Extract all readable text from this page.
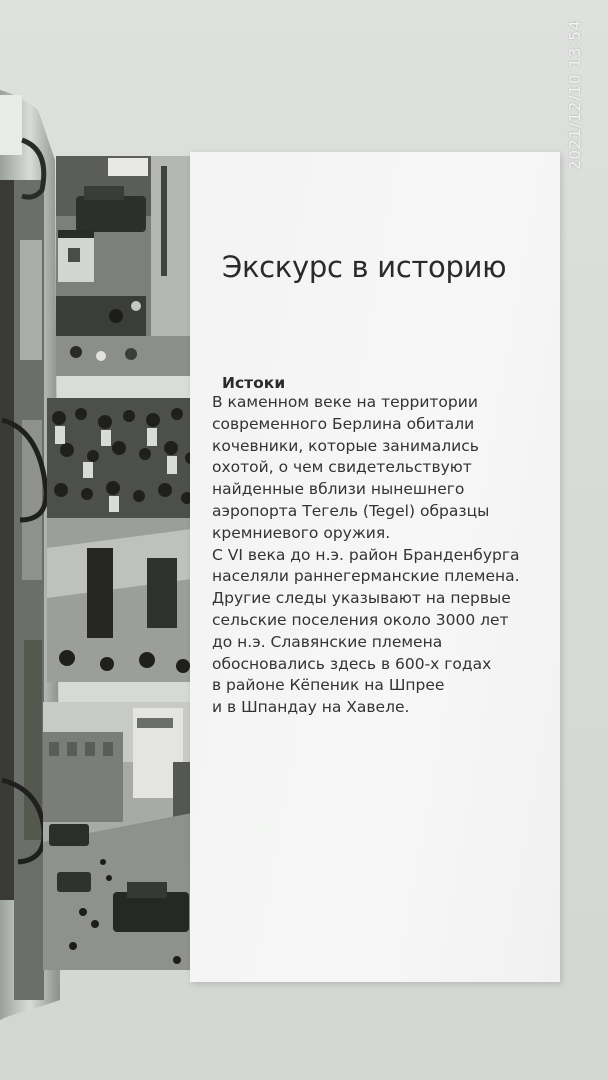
Экскурс в историю
Истоки
В каменном веке на территории
современного Берлина обитали
кочевники, которые занимались
охотой, о чем свидетельствуют
найденные вблизи нынешнего
аэропорта Тегель (Tegel) образцы
кремниевого оружия.
С VI века до н.э. район Бранденбурга
населяли раннегерманские племена.
Другие следы указывают на первые
сельские поселения около 3000 лет
до н.э. Славянские племена
обосновались здесь в 600-х годах
в районе Кёпеник на Шпрее
и в Шпандау на Хавеле.
2021/12/10 13:54
